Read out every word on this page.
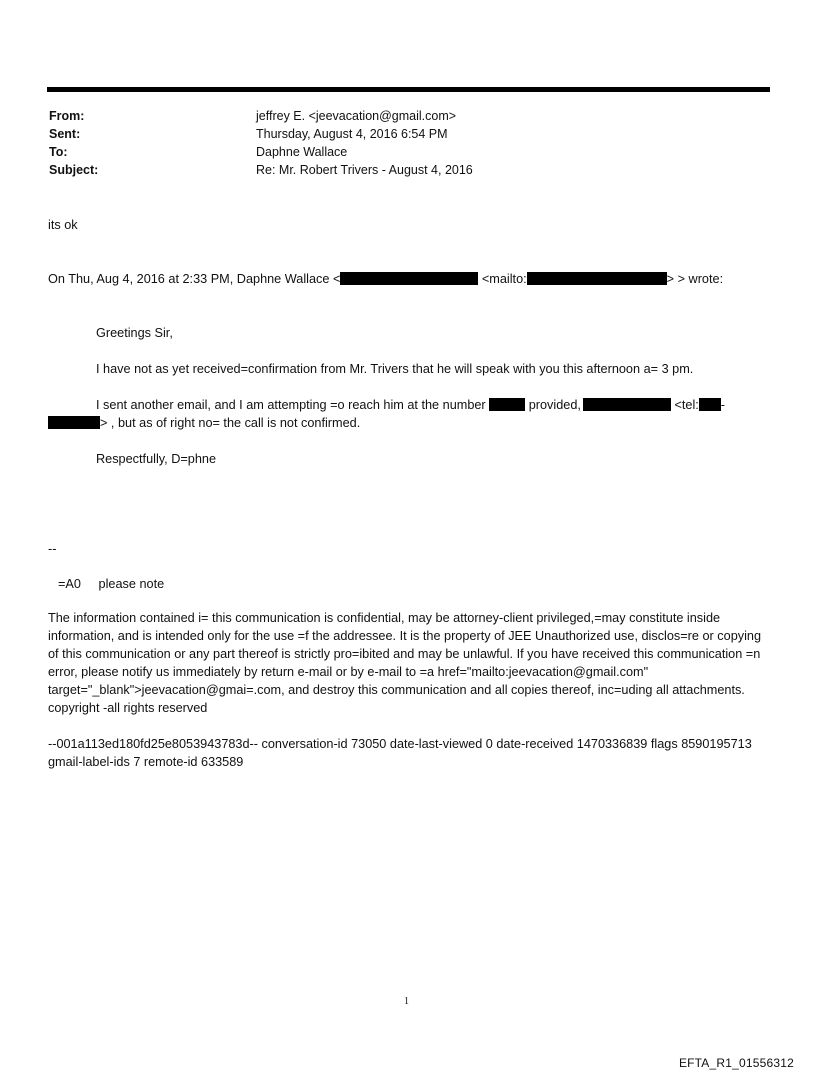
From:	jeffrey E. <jeevacation@gmail.com>
Sent:	Thursday, August 4, 2016 6:54 PM
To:	Daphne Wallace
Subject:	Re: Mr. Robert Trivers - August 4, 2016
its ok
On Thu, Aug 4, 2016 at 2:33 PM, Daphne Wallace <	<mailto:	> > wrote:
Greetings Sir,
I have not as yet received=confirmation from Mr. Trivers that he will speak with you this afternoon a= 3 pm.
I sent another email, and I am attempting =o reach him at the number	provided,	<tel: -
> , but as of right no= the call is not confirmed.
Respectfully, D=phne
--
=A0     please note
The information contained i= this communication is confidential, may be attorney-client privileged,=may constitute inside information, and is intended only for the use =f the addressee. It is the property of JEE Unauthorized use, disclos=re or copying of this communication or any part thereof is strictly pro=ibited and may be unlawful. If you have received this communication =n error, please notify us immediately by return e-mail or by e-mail to =a href="mailto:jeevacation@gmail.com" target="_blank">jeevacation@gmai=.com, and destroy this communication and all copies thereof, inc=uding all attachments. copyright -all rights reserved
--001a113ed180fd25e8053943783d-- conversation-id 73050 date-last-viewed 0 date-received 1470336839 flags 8590195713 gmail-label-ids 7 remote-id 633589
1
EFTA_R1_01556312
